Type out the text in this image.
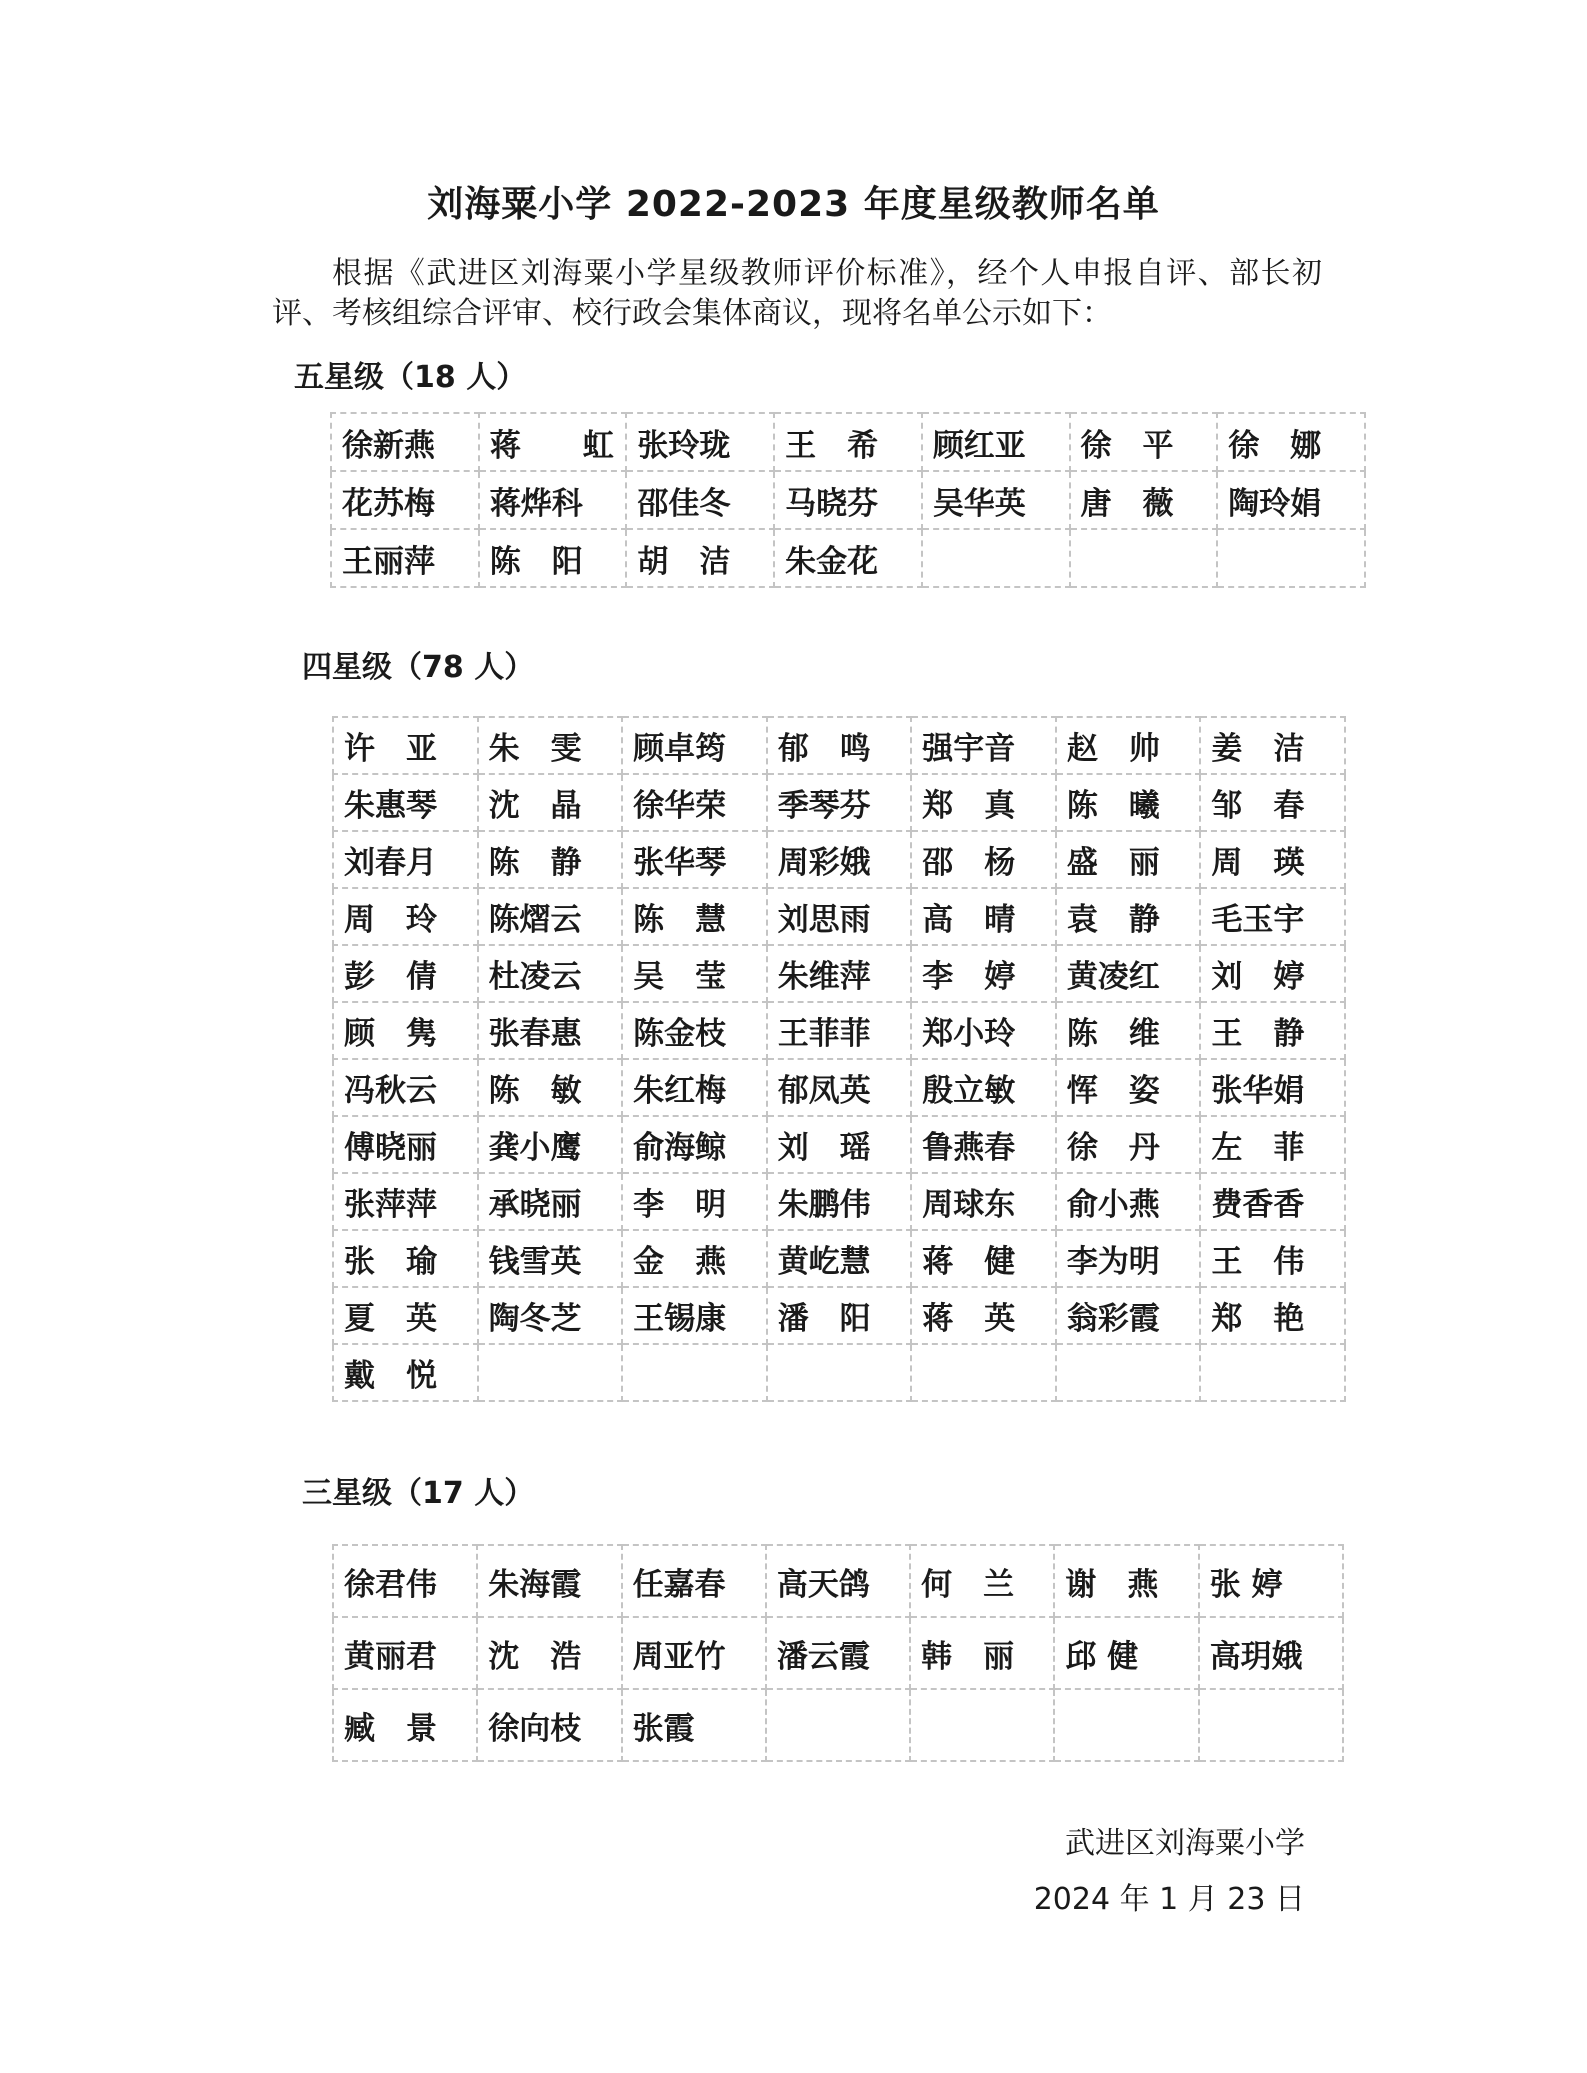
刘海粟小学 2022-2023 年度星级教师名单
根据《武进区刘海粟小学星级教师评价标准》，经个人申报自评、部长初评、考核组综合评审、校行政会集体商议，现将名单公示如下：
五星级（18 人）
徐新燕	蒋　　虹	张玲珑	王　希	顾红亚	徐　平	徐　娜
花苏梅	蒋烨科	邵佳冬	马晓芬	吴华英	唐　薇	陶玲娟
王丽萍	陈　阳	胡　洁	朱金花			
四星级（78 人）
许　亚	朱　雯	顾卓筠	郁　鸣	强宇音	赵　帅	姜　洁
朱惠琴	沈　晶	徐华荣	季琴芬	郑　真	陈　曦	邹　春
刘春月	陈　静	张华琴	周彩娥	邵　杨	盛　丽	周　瑛
周　玲	陈熠云	陈　慧	刘思雨	高　晴	袁　静	毛玉宇
彭　倩	杜凌云	吴　莹	朱维萍	李　婷	黄凌红	刘　婷
顾　隽	张春惠	陈金枝	王菲菲	郑小玲	陈　维	王　静
冯秋云	陈　敏	朱红梅	郁凤英	殷立敏	恽　姿	张华娟
傅晓丽	龚小鹰	俞海鲸	刘　瑶	鲁燕春	徐　丹	左　菲
张萍萍	承晓丽	李　明	朱鹏伟	周球东	俞小燕	费香香
张　瑜	钱雪英	金　燕	黄屹慧	蒋　健	李为明	王　伟
夏　英	陶冬芝	王锡康	潘　阳	蒋　英	翁彩霞	郑　艳
戴　悦						
三星级（17 人）
徐君伟	朱海霞	任嘉春	高天鸽	何　兰	谢　燕	张 婷
黄丽君	沈　浩	周亚竹	潘云霞	韩　丽	邱 健	高玥娥
臧　景	徐向枝	张霞				
武进区刘海粟小学
2024 年 1 月 23 日
